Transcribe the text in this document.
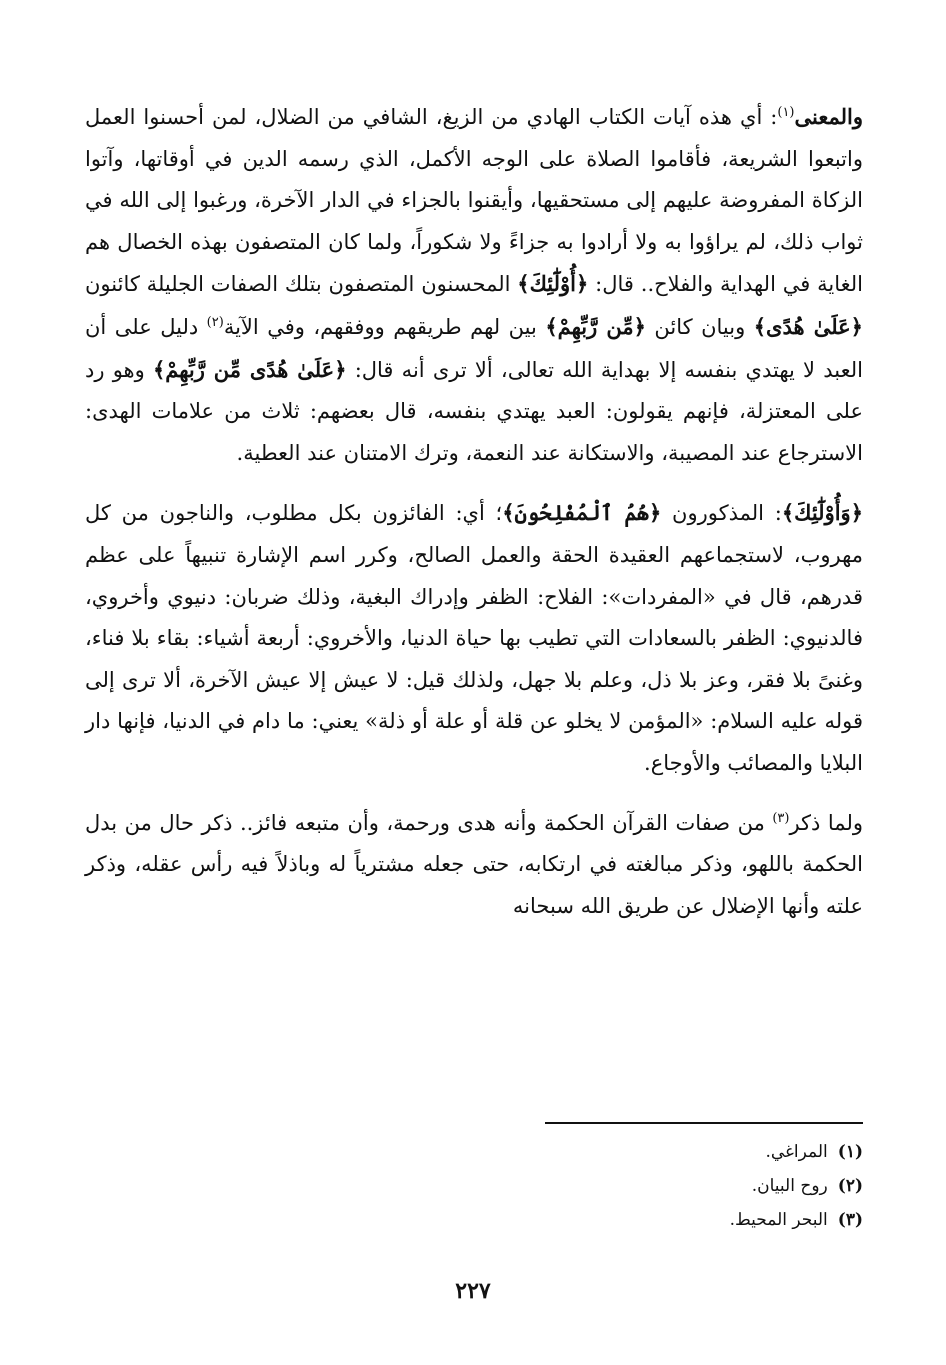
والمعنى$^{(١)}$: أي هذه آيات الكتاب الهادي من الزيغ، الشافي من الضلال، لمن أحسنوا العمل واتبعوا الشريعة، فأقاموا الصلاة على الوجه الأكمل، الذي رسمه الدين في أوقاتها، وآتوا الزكاة المفروضة عليهم إلى مستحقيها، وأيقنوا بالجزاء في الدار الآخرة، ورغبوا إلى الله في ثواب ذلك، لم يراؤوا به ولا أرادوا به جزاءً ولا شكوراً، ولما كان المتصفون بهذه الخصال هم الغاية في الهداية والفلاح.. قال: ﴿أُوْلَٰٓئِكَ﴾ المحسنون المتصفون بتلك الصفات الجليلة كائنون ﴿عَلَىٰ هُدًى﴾ وبيان كائن ﴿مِّن رَّبِّهِمْ﴾ بين لهم طريقهم ووفقهم، وفي الآية$^{(٢)}$ دليل على أن العبد لا يهتدي بنفسه إلا بهداية الله تعالى، ألا ترى أنه قال: ﴿عَلَىٰ هُدًى مِّن رَّبِّهِمْ﴾ وهو رد على المعتزلة، فإنهم يقولون: العبد يهتدي بنفسه، قال بعضهم: ثلاث من علامات الهدى: الاسترجاع عند المصيبة، والاستكانة عند النعمة، وترك الامتنان عند العطية.

﴿وَأُوْلَٰٓئِكَ﴾: المذكورون ﴿هُمُ ٱلْمُفْلِحُونَ﴾؛ أي: الفائزون بكل مطلوب، والناجون من كل مهروب، لاستجماعهم العقيدة الحقة والعمل الصالح، وكرر اسم الإشارة تنبيهاً على عظم قدرهم، قال في «المفردات»: الفلاح: الظفر وإدراك البغية، وذلك ضربان: دنيوي وأخروي، فالدنيوي: الظفر بالسعادات التي تطيب بها حياة الدنيا، والأخروي: أربعة أشياء: بقاء بلا فناء، وغنىً بلا فقر، وعز بلا ذل، وعلم بلا جهل، ولذلك قيل: لا عيش إلا عيش الآخرة، ألا ترى إلى قوله عليه السلام: «المؤمن لا يخلو عن قلة أو علة أو ذلة» يعني: ما دام في الدنيا، فإنها دار البلايا والمصائب والأوجاع.

ولما ذكر$^{(٣)}$ من صفات القرآن الحكمة وأنه هدى ورحمة، وأن متبعه فائز.. ذكر حال من بدل الحكمة باللهو، وذكر مبالغته في ارتكابه، حتى جعله مشترياً له وباذلاً فيه رأس عقله، وذكر علته وأنها الإضلال عن طريق الله سبحانه

(١)المراغي.
(٢)روح البيان.
(٣)البحر المحيط.
٢٢٧
